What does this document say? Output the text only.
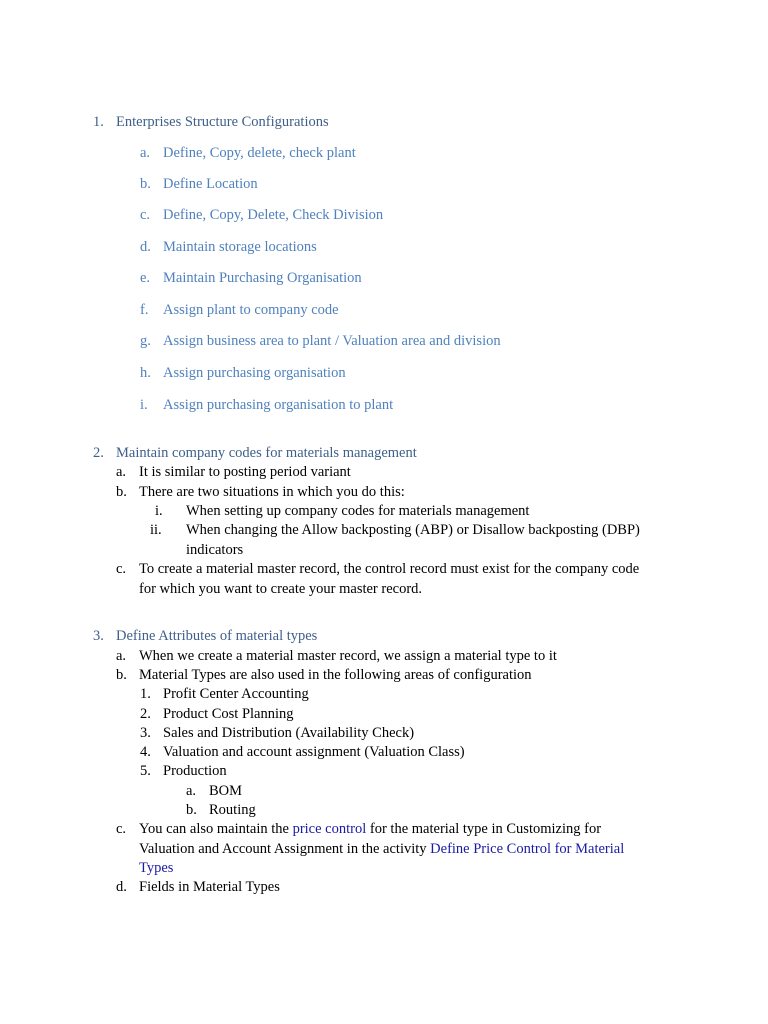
1. Enterprises Structure Configurations
a. Define, Copy, delete, check plant
b. Define Location
c. Define, Copy, Delete, Check Division
d. Maintain storage locations
e. Maintain Purchasing Organisation
f. Assign plant to company code
g. Assign business area to plant / Valuation area and division
h. Assign purchasing organisation
i. Assign purchasing organisation to plant
2. Maintain company codes for materials management
a. It is similar to posting period variant
b. There are two situations in which you do this:
i. When setting up company codes for materials management
ii. When changing the Allow backposting (ABP) or Disallow backposting (DBP)
indicators
c. To create a material master record, the control record must exist for the company code
for which you want to create your master record.
3. Define Attributes of material types
a. When we create a material master record, we assign a material type to it
b. Material Types are also used in the following areas of configuration
1. Profit Center Accounting
2. Product Cost Planning
3. Sales and Distribution (Availability Check)
4. Valuation and account assignment (Valuation Class)
5. Production
a. BOM
b. Routing
c. You can also maintain the price control for the material type in Customizing for
Valuation and Account Assignment in the activity Define Price Control for Material
Types
d. Fields in Material Types
